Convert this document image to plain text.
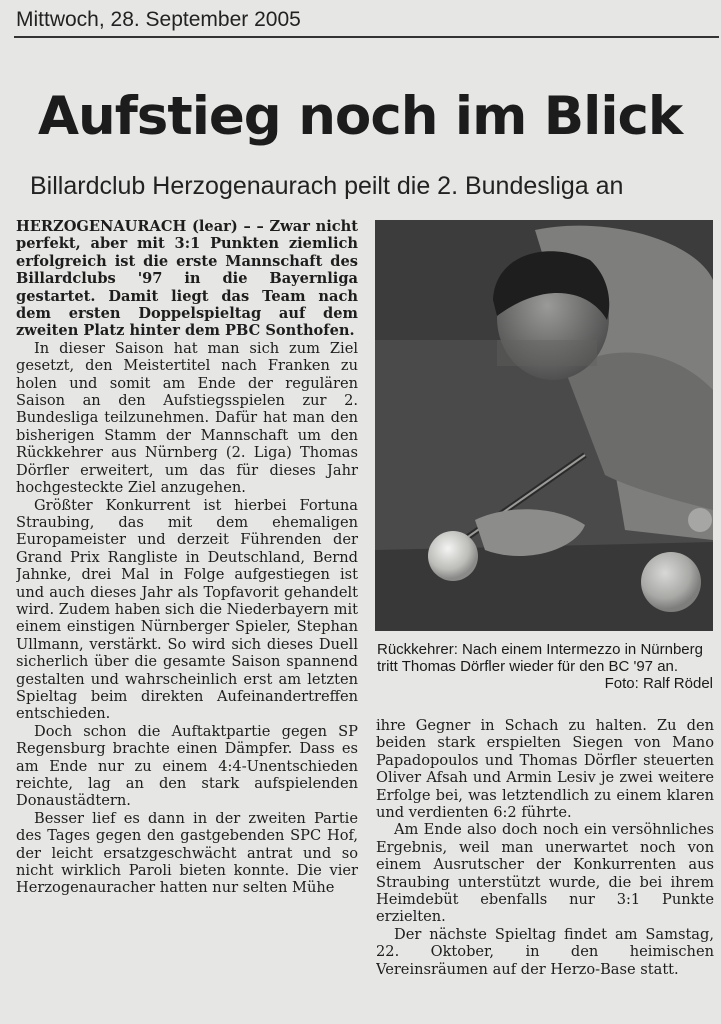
Mittwoch, 28. September 2005
Aufstieg noch im Blick
Billardclub Herzogenaurach peilt die 2. Bundesliga an

HERZOGENAURACH (lear) – – Zwar nicht perfekt, aber mit 3:1 Punkten ziemlich erfolgreich ist die erste Mannschaft des Billardclubs '97 in die Bayernliga gestartet. Damit liegt das Team nach dem ersten Doppelspieltag auf dem zweiten Platz hinter dem PBC Sonthofen.

In dieser Saison hat man sich zum Ziel gesetzt, den Meistertitel nach Franken zu holen und somit am Ende der regulären Saison an den Aufstiegsspielen zur 2. Bundesliga teilzunehmen. Dafür hat man den bisherigen Stamm der Mannschaft um den Rückkehrer aus Nürnberg (2. Liga) Thomas Dörfler erweitert, um das für dieses Jahr hochgesteckte Ziel anzugehen.

Größter Konkurrent ist hierbei Fortuna Straubing, das mit dem ehemaligen Europameister und derzeit Führenden der Grand Prix Rangliste in Deutschland, Bernd Jahnke, drei Mal in Folge aufgestiegen ist und auch dieses Jahr als Topfavorit gehandelt wird. Zudem haben sich die Niederbayern mit einem einstigen Nürnberger Spieler, Stephan Ullmann, verstärkt. So wird sich dieses Duell sicherlich über die gesamte Saison spannend gestalten und wahrscheinlich erst am letzten Spieltag beim direkten Aufeinandertreffen entschieden.

Doch schon die Auftaktpartie gegen SP Regensburg brachte einen Dämpfer. Dass es am Ende nur zu einem 4:4-Unentschieden reichte, lag an den stark aufspielenden Donaustädtern.

Besser lief es dann in der zweiten Partie des Tages gegen den gastgebenden SPC Hof, der leicht ersatzgeschwächt antrat und so nicht wirklich Paroli bieten konnte. Die vier Herzogenauracher hatten nur selten Mühe

Rückkehrer: Nach einem Intermezzo in Nürnberg tritt Thomas Dörfler wieder für den BC '97 an.
Foto: Ralf Rödel

ihre Gegner in Schach zu halten. Zu den beiden stark erspielten Siegen von Mano Papadopoulos und Thomas Dörfler steuerten Oliver Afsah und Armin Lesiv je zwei weitere Erfolge bei, was letztendlich zu einem klaren und verdienten 6:2 führte.

Am Ende also doch noch ein versöhnliches Ergebnis, weil man unerwartet noch von einem Ausrutscher der Konkurrenten aus Straubing unterstützt wurde, die bei ihrem Heimdebüt ebenfalls nur 3:1 Punkte erzielten.

Der nächste Spieltag findet am Samstag, 22. Oktober, in den heimischen Vereinsräumen auf der Herzo-Base statt.
